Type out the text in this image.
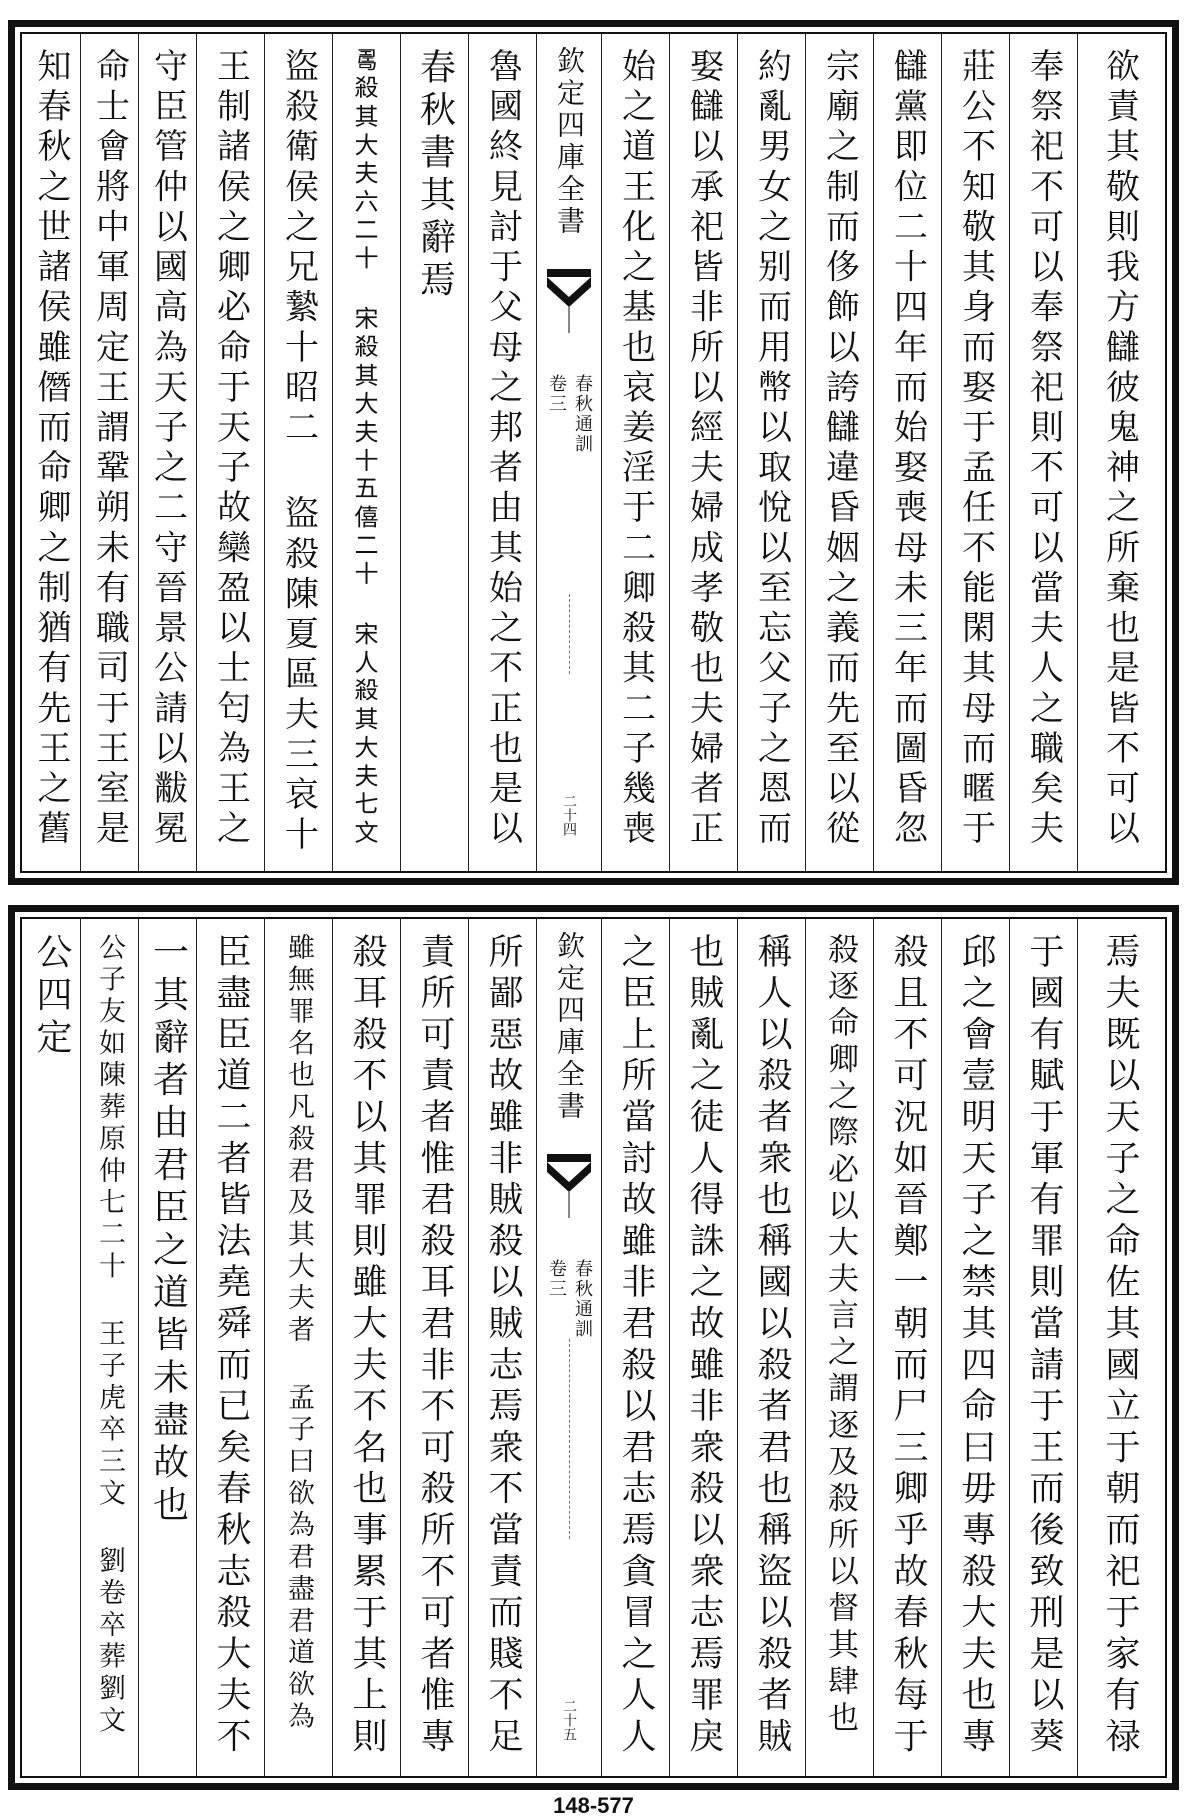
知春秋之世諸侯雖僭而命卿之制猶有先王之舊 命士會將中軍周定王謂鞏朔未有職司于王室是 守臣管仲以國高為天子之二守晉景公請以黻冕 王制諸侯之卿必命于天子故欒盈以士匄為王之 盜殺衛侯之兄縶十昭二 盜殺陳夏區夫三哀十 𠷎殺其大夫六二十 宋殺其大夫十五僖二十 宋人殺其大夫七文 春秋書其辭焉 魯國終見討于父母之邦者由其始之不正也是以 欽定四庫全書
春秋通訓
卷三
二十四 始之道王化之基也哀姜淫于二卿殺其二子幾喪 娶讎以承祀皆非所以經夫婦成孝敬也夫婦者正 約亂男女之别而用幣以取悅以至忘父子之恩而 宗廟之制而侈飾以誇讎違昏姻之義而先至以從 讎黨即位二十四年而始娶喪母未三年而圖昏忽 莊公不知敬其身而娶于孟任不能閑其母而暱于 奉祭祀不可以奉祭祀則不可以當夫人之職矣夫 欲責其敬則我方讎彼鬼神之所棄也是皆不可以
公四定 公子友如陳葬原仲七二十 王子虎卒三文 劉卷卒葬劉文 一其辭者由君臣之道皆未盡故也 臣盡臣道二者皆法堯舜而已矣春秋志殺大夫不 雖無罪名也凡殺君及其大夫者 孟子曰欲為君盡君道欲為 殺耳殺不以其罪則雖大夫不名也事累于其上則 責所可責者惟君殺耳君非不可殺所不可者惟專 所鄙惡故雖非賊殺以賊志焉衆不當責而賤不足 欽定四庫全書
春秋通訓
卷三
二十五 之臣上所當討故雖非君殺以君志焉貪冒之人人 也賊亂之徒人得誅之故雖非衆殺以衆志焉罪戾 稱人以殺者衆也稱國以殺者君也稱盜以殺者賊 殺逐命卿之際必以大夫言之謂逐及殺所以督其肆也 殺且不可況如晉鄭一朝而尸三卿乎故春秋每于 邱之會壹明天子之禁其四命曰毋專殺大夫也專 于國有賦于軍有罪則當請于王而後致刑是以葵 焉夫既以天子之命佐其國立于朝而祀于家有禄
148-577
